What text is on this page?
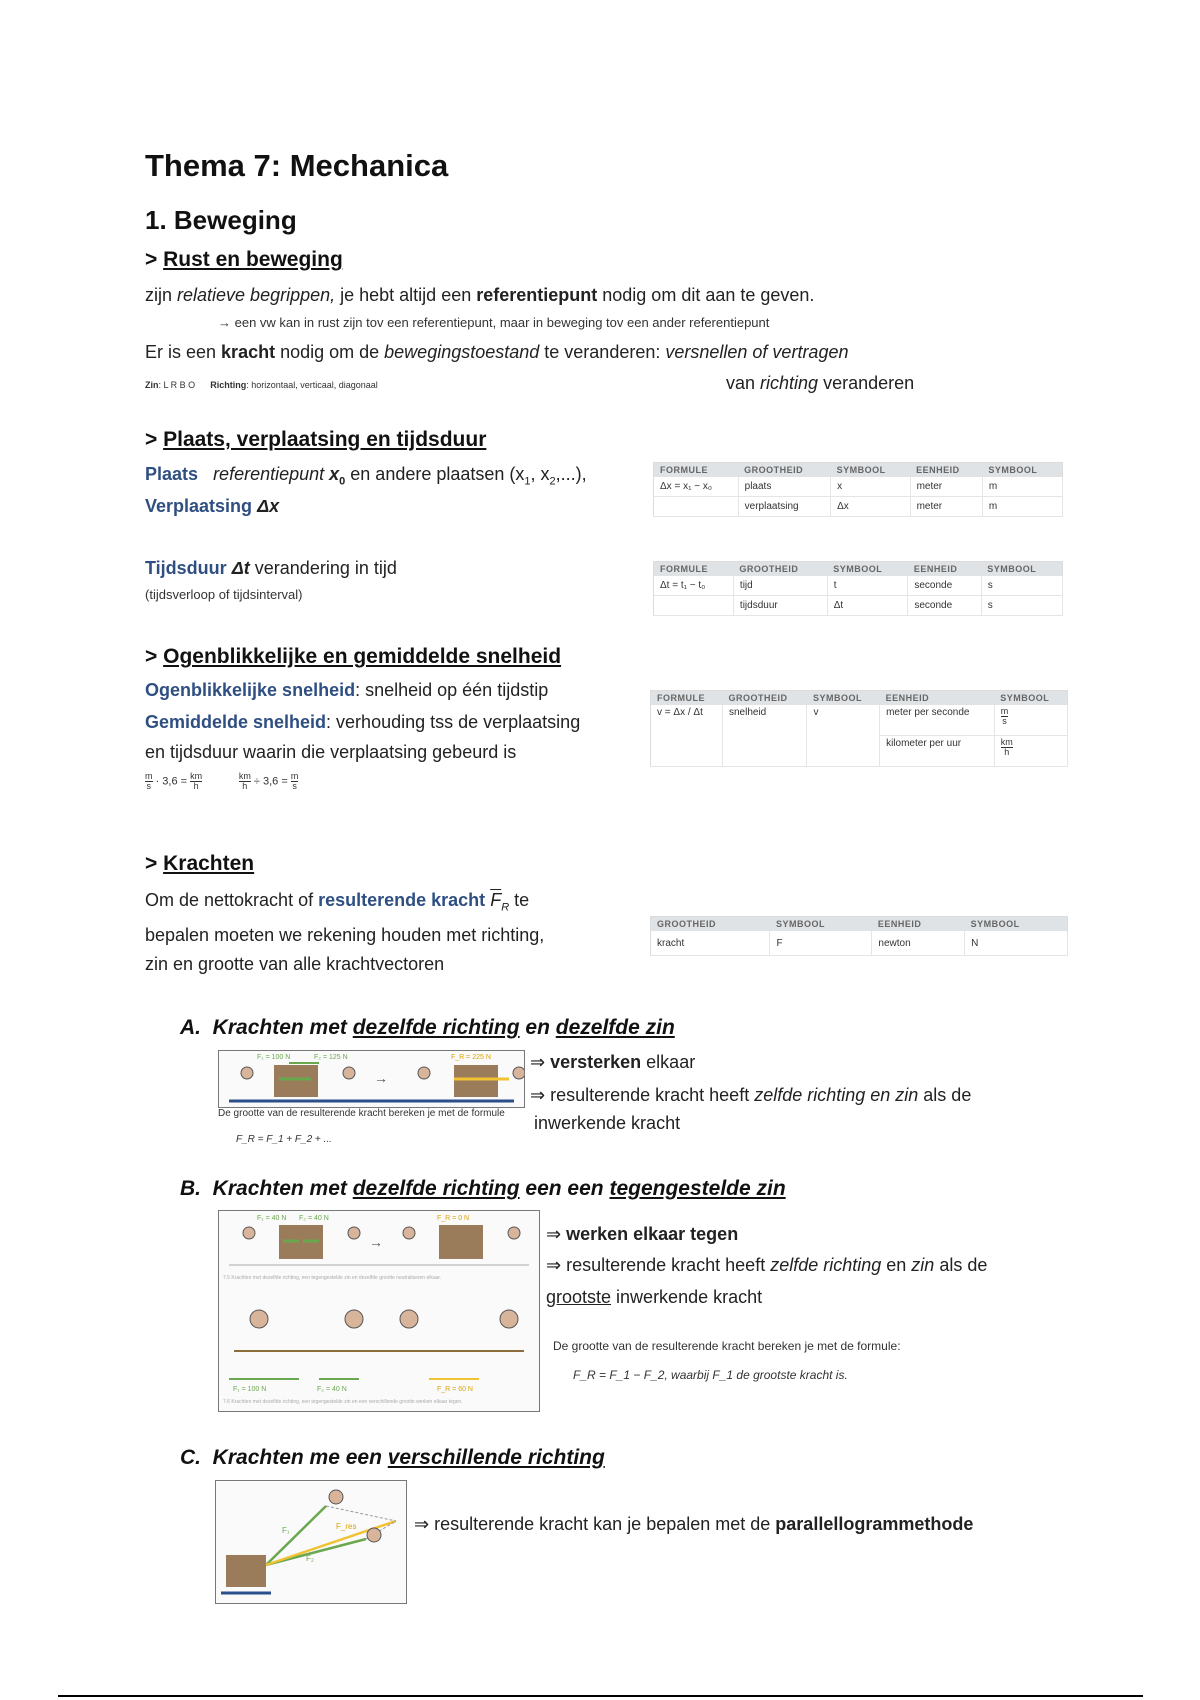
Thema 7: Mechanica
1. Beweging
> Rust en beweging
zijn relatieve begrippen, je hebt altijd een referentiepunt nodig om dit aan te geven.
→ een vw kan in rust zijn tov een referentiepunt, maar in beweging tov een ander referentiepunt
Er is een kracht nodig om de bewegingstoestand te veranderen: versnellen of vertragen
Zin: L R B O Richting: horizontaal, verticaal, diagonaal	van richting veranderen
> Plaats, verplaatsing en tijdsduur
Plaats referentiepunt $x_0$ en andere plaatsen ($x_1$, $x_2$,...),
Verplaatsing Δx
Tijdsduur Δt verandering in tijd
(tijdsverloop of tijdsinterval)
FORMULE	GROOTHEID	SYMBOOL	EENHEID	SYMBOOL
Δx = x₁ − x₀	plaats	x	meter	m
	verplaatsing	Δx	meter	m
FORMULE	GROOTHEID	SYMBOOL	EENHEID	SYMBOOL
Δt = t₁ − t₀	tijd	t	seconde	s
	tijdsduur	Δt	seconde	s
> Ogenblikkelijke en gemiddelde snelheid
Ogenblikkelijke snelheid: snelheid op één tijdstip
Gemiddelde snelheid: verhouding tss de verplaatsing
en tijdsduur waarin die verplaatsing gebeurd is
$\frac{m}{s} \cdot 3,6 = \frac{km}{h}$
	$\frac{km}{h} \div 3,6 = \frac{m}{s}$
FORMULE	GROOTHEID	SYMBOOL	EENHEID	SYMBOOL
v = Δx / Δt	snelheid	v	meter per seconde	$\frac{m}{s}$

			kilometer per uur	$\frac{km}{h}$
> Krachten
Om de nettokracht of resulterende kracht $\overline{F}_R$ te
bepalen moeten we rekening houden met richting,
zin en grootte van alle krachtvectoren
GROOTHEID	SYMBOOL	EENHEID	SYMBOOL
kracht	F	newton	N
A. Krachten met dezelfde richting en dezelfde zin
F₁ = 100 N	F₂ = 125 N	F_R = 225 N
→
De grootte van de resulterende kracht bereken je met de formule
F_R = F_1 + F_2 + ...
⇒ versterken elkaar
⇒ resulterende kracht heeft zelfde richting en zin als de
inwerkende kracht
B. Krachten met dezelfde richting een een tegengestelde zin
F₁ = 40 N F₂ = 40 N	F_R = 0 N
→
7.5 Krachten met dezelfde richting, een tegengestelde zin en dezelfde grootte neutraliseren elkaar.
F₁ = 100 N	F₂ = 40 N	F_R = 60 N
7.6 Krachten met dezelfde richting, een tegengestelde zin en een verschillende grootte werken elkaar tegen.
⇒ werken elkaar tegen
⇒ resulterende kracht heeft zelfde richting en zin als de
grootste inwerkende kracht
De grootte van de resulterende kracht bereken je met de formule:
F_R = F_1 − F_2, waarbij F_1 de grootste kracht is.
C. Krachten me een verschillende richting
F₁
F₂
F_res	⇒ resulterende kracht kan je bepalen met de parallellogrammethode
